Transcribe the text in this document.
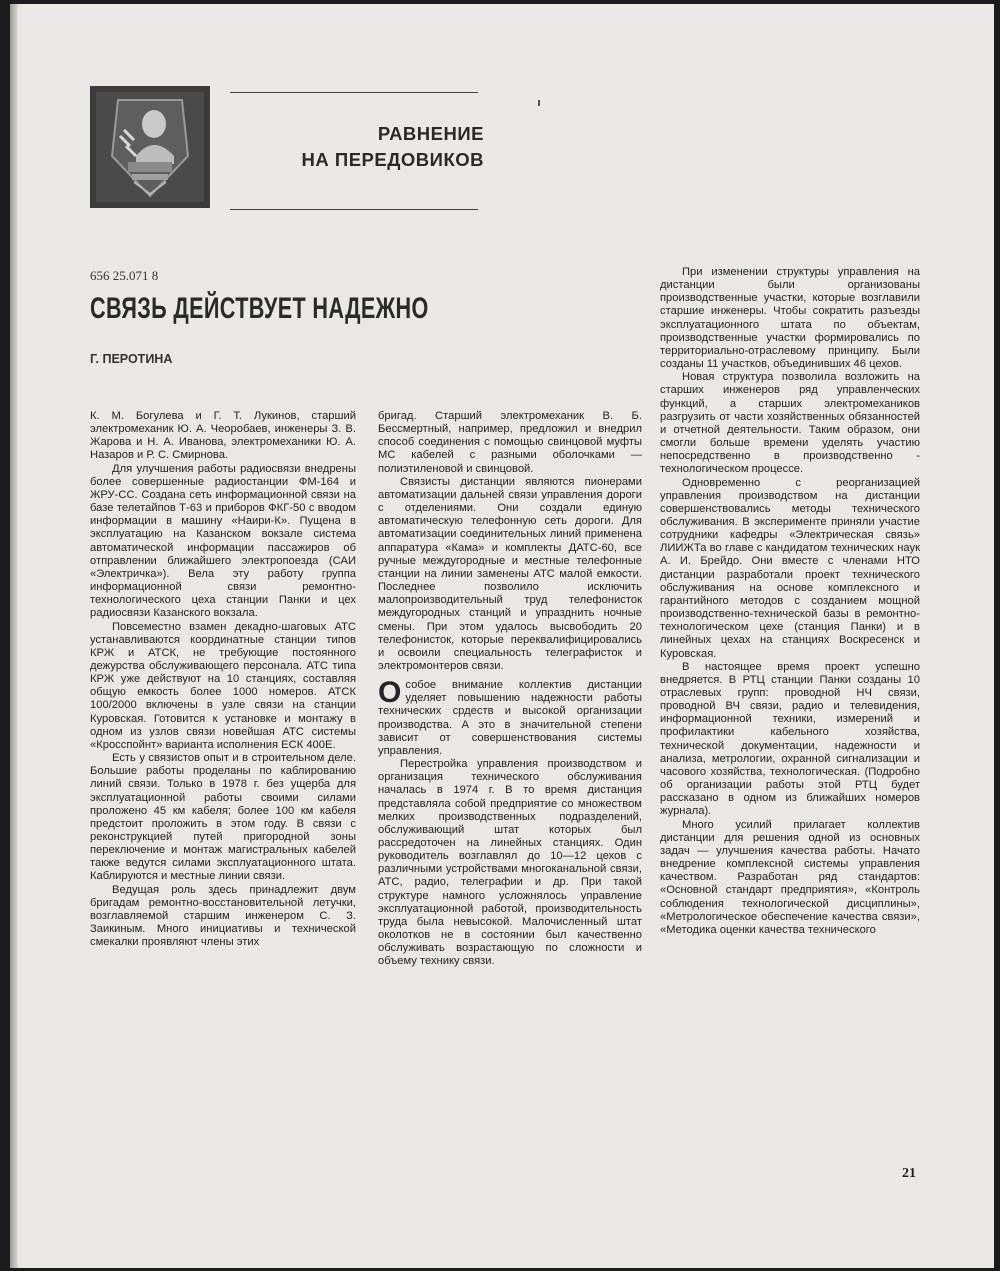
РАВНЕНИЕ
НА ПЕРЕДОВИКОВ
656 25.071 8
СВЯЗЬ ДЕЙСТВУЕТ НАДЕЖНО
Г. ПЕРОТИНА

К. М. Богулева и Г. Т. Лукинов, старший электромеханик Ю. А. Чеоробаев, инженеры З. В. Жарова и Н. А. Иванова, электромеханики Ю. А. Назаров и Р. С. Смирнова.

Для улучшения работы радиосвязи внедрены более совершенные радиостанции ФМ-164 и ЖРУ-СС. Создана сеть информационной связи на базе телетайпов Т-63 и приборов ФКГ-50 с вводом информации в машину «Наири-К». Пущена в эксплуатацию на Казанском вокзале система автоматической информации пассажиров об отправлении ближайшего электропоезда (САИ «Электричка»). Вела эту работу группа информационной связи ремонтно-технологического цеха станции Панки и цех радиосвязи Казанского вокзала.

Повсеместно взамен декадно-шаговых АТС устанавливаются координатные станции типов КРЖ и АТСК, не требующие постоянного дежурства обслуживающего персонала. АТС типа КРЖ уже действуют на 10 станциях, составляя общую емкость более 1000 номеров. АТСК 100/2000 включены в узле связи на станции Куровская. Готовится к установке и монтажу в одном из узлов связи новейшая АТС системы «Кросспойнт» варианта исполнения ЕСК 400Е.

Есть у связистов опыт и в строительном деле. Большие работы проделаны по каблированию линий связи. Только в 1978 г. без ущерба для эксплуатационной работы своими силами проложено 45 км кабеля; более 100 км кабеля предстоит проложить в этом году. В связи с реконструкцией путей пригородной зоны переключение и монтаж магистральных кабелей также ведутся силами эксплуатационного штата. Каблируются и местные линии связи.

Ведущая роль здесь принадлежит двум бригадам ремонтно-восстановительной летучки, возглавляемой старшим инженером С. З. Заикиным. Много инициативы и технической смекалки проявляют члены этих

бригад. Старший электромеханик В. Б. Бессмертный, например, предложил и внедрил способ соединения с помощью свинцовой муфты МС кабелей с разными оболочками — полиэтиленовой и свинцовой.

Связисты дистанции являются пионерами автоматизации дальней связи управления дороги с отделениями. Они создали единую автоматическую телефонную сеть дороги. Для автоматизации соединительных линий применена аппаратура «Кама» и комплекты ДАТС-60, все ручные междугородные и местные телефонные станции на линии заменены АТС малой емкости. Последнее позволило исключить малопроизводительный труд телефонисток междугородных станций и упразднить ночные смены. При этом удалось высвободить 20 телефонисток, которые переквалифицировались и освоили специальность телеграфисток и электромонтеров связи.

Особое внимание коллектив дистанции уделяет повышению надежности работы технических срдеств и высокой организации производства. А это в значительной степени зависит от совершенствования системы управления.

Перестройка управления производством и организация технического обслуживания началась в 1974 г. В то время дистанция представляла собой предприятие со множеством мелких производственных подразделений, обслуживающий штат которых был рассредоточен на линейных станциях. Один руководитель возглавлял до 10—12 цехов с различными устройствами многоканальной связи, АТС, радио, телеграфии и др. При такой структуре намного усложнялось управление эксплуатационной работой, производительность труда была невысокой. Малочисленный штат околотков не в состоянии был качественно обслуживать возрастающую по сложности и объему технику связи.

При изменении структуры управления на дистанции были организованы производственные участки, которые возглавили старшие инженеры. Чтобы сократить разъезды эксплуатационного штата по объектам, производственные участки формировались по территориально-отраслевому принципу. Были созданы 11 участков, объединивших 46 цехов.

Новая структура позволила возложить на старших инженеров ряд управленческих функций, а старших электромехаников разгрузить от части хозяйственных обязанностей и отчетной деятельности. Таким образом, они смогли больше времени уделять участию непосредственно в производственно - технологическом процессе.

Одновременно с реорганизацией управления производством на дистанции совершенствовались методы технического обслуживания. В эксперименте приняли участие сотрудники кафедры «Электрическая связь» ЛИИЖТа во главе с кандидатом технических наук А. И. Брейдо. Они вместе с членами НТО дистанции разработали проект технического обслуживания на основе комплексного и гарантийного методов с созданием мощной производственно-технической базы в ремонтно-технологическом цехе (станция Панки) и в линейных цехах на станциях Воскресенск и Куровская.

В настоящее время проект успешно внедряется. В РТЦ станции Панки созданы 10 отраслевых групп: проводной НЧ связи, проводной ВЧ связи, радио и телевидения, информационной техники, измерений и профилактики кабельного хозяйства, технической документации, надежности и анализа, метрологии, охранной сигнализации и часового хозяйства, технологическая. (Подробно об организации работы этой РТЦ будет рассказано в одном из ближайших номеров журнала).

Много усилий прилагает коллектив дистанции для решения одной из основных задач — улучшения качества работы. Начато внедрение комплексной системы управления качеством. Разработан ряд стандартов: «Основной стандарт предприятия», «Контроль соблюдения технологической дисциплины», «Метрологическое обеспечение качества связи», «Методика оценки качества технического

21
